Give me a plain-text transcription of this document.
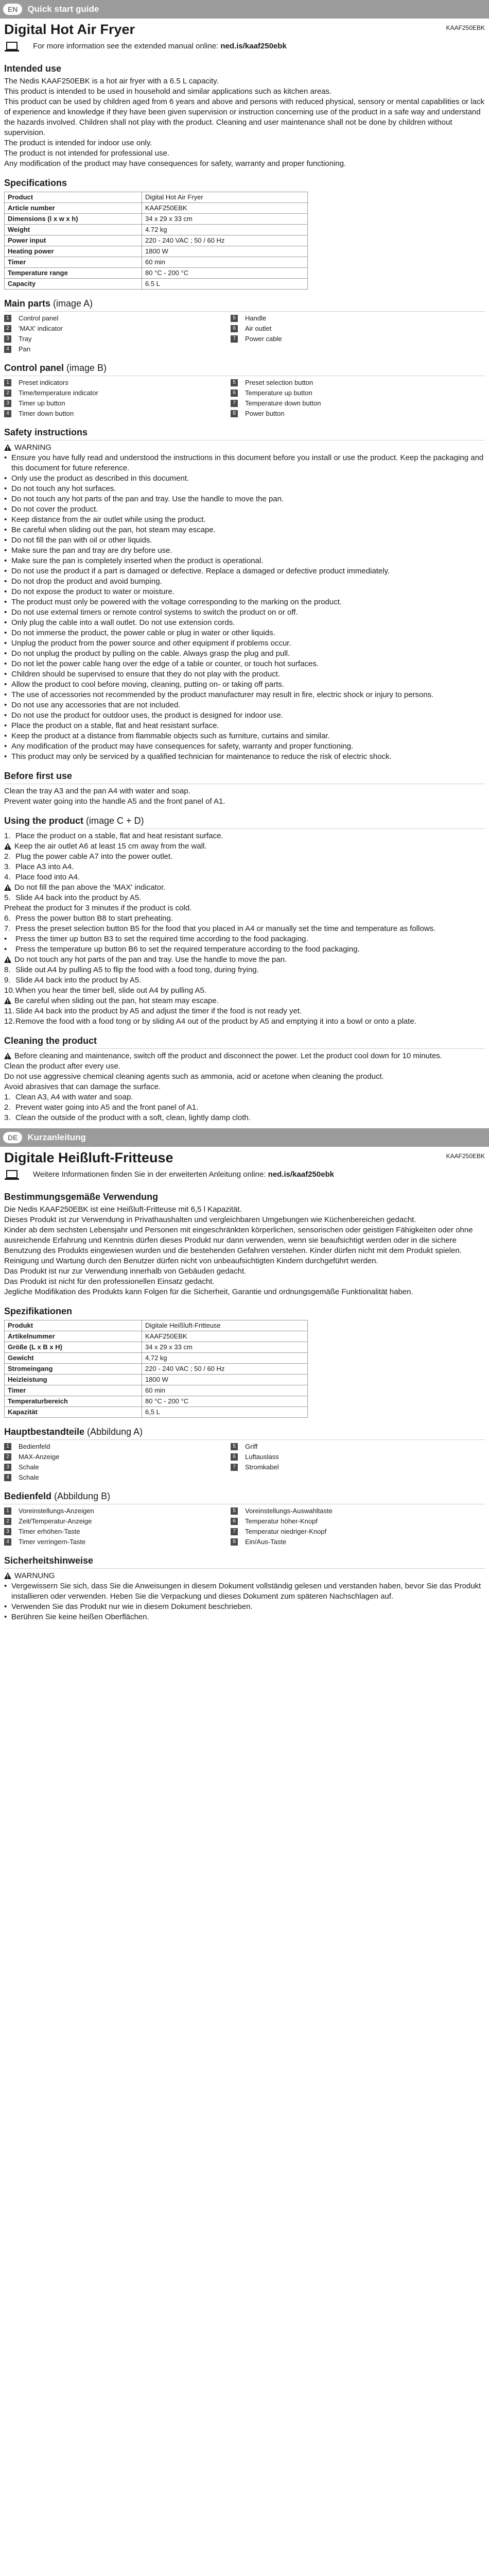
EN	Quick start guide
Digital Hot Air Fryer	KAAF250EBK
For more information see the extended manual online: ned.is/kaaf250ebk
Intended use

The Nedis KAAF250EBK is a hot air fryer with a 6.5 L capacity.

This product is intended to be used in household and similar applications such as kitchen areas.

This product can be used by children aged from 6 years and above and persons with reduced physical, sensory or mental capabilities or lack of experience and knowledge if they have been given supervision or instruction concerning use of the product in a safe way and understand the hazards involved. Children shall not play with the product. Cleaning and user maintenance shall not be done by children without supervision.

The product is intended for indoor use only.

The product is not intended for professional use.

Any modification of the product may have consequences for safety, warranty and proper functioning.

Specifications
Product	Digital Hot Air Fryer
Article number	KAAF250EBK
Dimensions (l x w x h)	34 x 29 x 33 cm
Weight	4.72 kg
Power input	220 - 240 VAC ; 50 / 60 Hz
Heating power	1800 W
Timer	60 min
Temperature range	80 °C - 200 °C
Capacity	6.5 L
Main parts (image A)
1	Control panel	5	Handle
2	'MAX' indicator	6	Air outlet
3	Tray	7	Power cable
4	Pan
Control panel (image B)
1	Preset indicators	5	Preset selection button
2	Time/temperature indicator	6	Temperature up button
3	Timer up button	7	Temperature down button
4	Timer down button	8	Power button
Safety instructions
WARNING
• Ensure you have fully read and understood the instructions in this document before you install or use the product. Keep the packaging and this document for future reference.
• Only use the product as described in this document.
• Do not touch any hot surfaces.
• Do not touch any hot parts of the pan and tray. Use the handle to move the pan.
• Do not cover the product.
• Keep distance from the air outlet while using the product.
• Be careful when sliding out the pan, hot steam may escape.
• Do not fill the pan with oil or other liquids.
• Make sure the pan and tray are dry before use.
• Make sure the pan is completely inserted when the product is operational.
• Do not use the product if a part is damaged or defective. Replace a damaged or defective product immediately.
• Do not drop the product and avoid bumping.
• Do not expose the product to water or moisture.
• The product must only be powered with the voltage corresponding to the marking on the product.
• Do not use external timers or remote control systems to switch the product on or off.
• Only plug the cable into a wall outlet. Do not use extension cords.
• Do not immerse the product, the power cable or plug in water or other liquids.
• Unplug the product from the power source and other equipment if problems occur.
• Do not unplug the product by pulling on the cable. Always grasp the plug and pull.
• Do not let the power cable hang over the edge of a table or counter, or touch hot surfaces.
• Children should be supervised to ensure that they do not play with the product.
• Allow the product to cool before moving, cleaning, putting on- or taking off parts.
• The use of accessories not recommended by the product manufacturer may result in fire, electric shock or injury to persons.
• Do not use any accessories that are not included.
• Do not use the product for outdoor uses, the product is designed for indoor use.
• Place the product on a stable, flat and heat resistant surface.
• Keep the product at a distance from flammable objects such as furniture, curtains and similar.
• Any modification of the product may have consequences for safety, warranty and proper functioning.
• This product may only be serviced by a qualified technician for maintenance to reduce the risk of electric shock.
Before first use
Clean the tray A3 and the pan A4 with water and soap.
Prevent water going into the handle A5 and the front panel of A1.
Using the product (image C + D)
1. Place the product on a stable, flat and heat resistant surface.
Keep the air outlet A6 at least 15 cm away from the wall.
2. Plug the power cable A7 into the power outlet.
3. Place A3 into A4.
4. Place food into A4.
Do not fill the pan above the 'MAX' indicator.
5. Slide A4 back into the product by A5.
Preheat the product for 3 minutes if the product is cold.
6. Press the power button B8 to start preheating.
7. Press the preset selection button B5 for the food that you placed in A4 or manually set the time and temperature as follows.
•	Press the timer up button B3 to set the required time according to the food packaging.
•	Press the temperature up button B6 to set the required temperature according to the food packaging.
Do not touch any hot parts of the pan and tray. Use the handle to move the pan.
8. Slide out A4 by pulling A5 to flip the food with a food tong, during frying.
9. Slide A4 back into the product by A5.
10. When you hear the timer bell, slide out A4 by pulling A5.
Be careful when sliding out the pan, hot steam may escape.
11. Slide A4 back into the product by A5 and adjust the timer if the food is not ready yet.
12. Remove the food with a food tong or by sliding A4 out of the product by A5 and emptying it into a bowl or onto a plate.
Cleaning the product
Before cleaning and maintenance, switch off the product and disconnect the power. Let the product cool down for 10 minutes.
Clean the product after every use.
Do not use aggressive chemical cleaning agents such as ammonia, acid or acetone when cleaning the product.
Avoid abrasives that can damage the surface.
1. Clean A3, A4 with water and soap.
2. Prevent water going into A5 and the front panel of A1.
3. Clean the outside of the product with a soft, clean, lightly damp cloth.
DE	Kurzanleitung
Digitale Heißluft-Fritteuse	KAAF250EBK
Weitere Informationen finden Sie in der erweiterten Anleitung online: ned.is/kaaf250ebk
Bestimmungsgemäße Verwendung

Die Nedis KAAF250EBK ist eine Heißluft-Fritteuse mit 6,5 l Kapazität.

Dieses Produkt ist zur Verwendung in Privathaushalten und vergleichbaren Umgebungen wie Küchenbereichen gedacht.

Kinder ab dem sechsten Lebensjahr und Personen mit eingeschränkten körperlichen, sensorischen oder geistigen Fähigkeiten oder ohne ausreichende Erfahrung und Kenntnis dürfen dieses Produkt nur dann verwenden, wenn sie beaufsichtigt werden oder in die sichere Benutzung des Produkts eingewiesen wurden und die bestehenden Gefahren verstehen. Kinder dürfen nicht mit dem Produkt spielen. Reinigung und Wartung durch den Benutzer dürfen nicht von unbeaufsichtigten Kindern durchgeführt werden.

Das Produkt ist nur zur Verwendung innerhalb von Gebäuden gedacht.

Das Produkt ist nicht für den professionellen Einsatz gedacht.

Jegliche Modifikation des Produkts kann Folgen für die Sicherheit, Garantie und ordnungsgemäße Funktionalität haben.

Spezifikationen
Produkt	Digitale Heißluft-Fritteuse
Artikelnummer	KAAF250EBK
Größe (L x B x H)	34 x 29 x 33 cm
Gewicht	4,72 kg
Stromeingang	220 - 240 VAC ; 50 / 60 Hz
Heizleistung	1800 W
Timer	60 min
Temperaturbereich	80 °C - 200 °C
Kapazität	6,5 L
Hauptbestandteile (Abbildung A)
1	Bedienfeld	5	Griff
2	MAX-Anzeige	6	Luftauslass
3	Schale	7	Stromkabel
4	Schale
Bedienfeld (Abbildung B)
1	Voreinstellungs-Anzeigen	5	Voreinstellungs-Auswahltaste
2	Zeit/Temperatur-Anzeige	6	Temperatur höher-Knopf
3	Timer erhöhen-Taste	7	Temperatur niedriger-Knopf
4	Timer verringern-Taste	8	Ein/Aus-Taste
Sicherheitshinweise
WARNUNG
• Vergewissern Sie sich, dass Sie die Anweisungen in diesem Dokument vollständig gelesen und verstanden haben, bevor Sie das Produkt installieren oder verwenden. Heben Sie die Verpackung und dieses Dokument zum späteren Nachschlagen auf.
• Verwenden Sie das Produkt nur wie in diesem Dokument beschrieben.
• Berühren Sie keine heißen Oberflächen.
